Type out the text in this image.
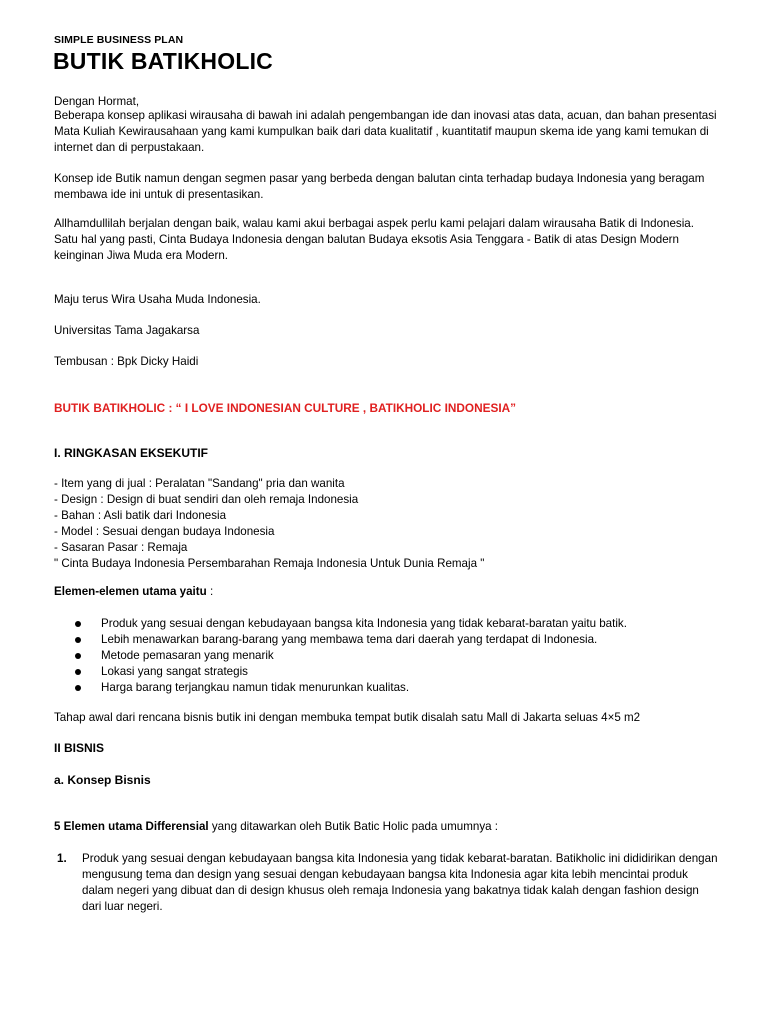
SIMPLE BUSINESS PLAN
BUTIK BATIKHOLIC
Dengan Hormat,
Beberapa konsep aplikasi wirausaha di bawah ini adalah pengembangan ide dan inovasi atas data, acuan, dan bahan presentasi
Mata Kuliah Kewirausahaan yang kami kumpulkan baik dari data kualitatif , kuantitatif maupun skema ide yang kami temukan di
internet dan di perpustakaan.
Konsep ide Butik namun dengan segmen pasar yang berbeda dengan balutan cinta terhadap budaya Indonesia yang beragam
membawa ide ini untuk di presentasikan.
Allhamdullilah berjalan dengan baik, walau kami akui berbagai aspek perlu kami pelajari dalam wirausaha Batik di Indonesia.
Satu hal yang pasti, Cinta Budaya Indonesia dengan balutan Budaya eksotis Asia Tenggara - Batik di atas Design Modern
keinginan Jiwa Muda era Modern.
Maju terus Wira Usaha Muda Indonesia.
Universitas Tama Jagakarsa
Tembusan : Bpk Dicky Haidi
BUTIK BATIKHOLIC : “ I LOVE INDONESIAN CULTURE , BATIKHOLIC INDONESIA”
I. RINGKASAN EKSEKUTIF
- Item yang di jual : Peralatan "Sandang" pria dan wanita
- Design : Design di buat sendiri dan oleh remaja Indonesia
- Bahan : Asli batik dari Indonesia
- Model : Sesuai dengan budaya Indonesia
- Sasaran Pasar : Remaja
" Cinta Budaya Indonesia Persembarahan Remaja Indonesia Untuk Dunia Remaja "
Elemen-elemen utama yaitu :
Produk yang sesuai dengan kebudayaan bangsa kita Indonesia yang tidak kebarat-baratan yaitu batik.
Lebih menawarkan barang-barang yang membawa tema dari daerah yang terdapat di Indonesia.
Metode pemasaran yang menarik
Lokasi yang sangat strategis
Harga barang terjangkau namun tidak menurunkan kualitas.
Tahap awal dari rencana bisnis butik ini dengan membuka tempat butik disalah satu Mall di Jakarta seluas 4×5 m2
II BISNIS
a. Konsep Bisnis
5 Elemen utama Differensial yang ditawarkan oleh Butik Batic Holic pada umumnya :
1. Produk yang sesuai dengan kebudayaan bangsa kita Indonesia yang tidak kebarat-baratan. Batikholic ini dididirikan dengan
mengusung tema dan design yang sesuai dengan kebudayaan bangsa kita Indonesia agar kita lebih mencintai produk
dalam negeri yang dibuat dan di design khusus oleh remaja Indonesia yang bakatnya tidak kalah dengan fashion design
dari luar negeri.
